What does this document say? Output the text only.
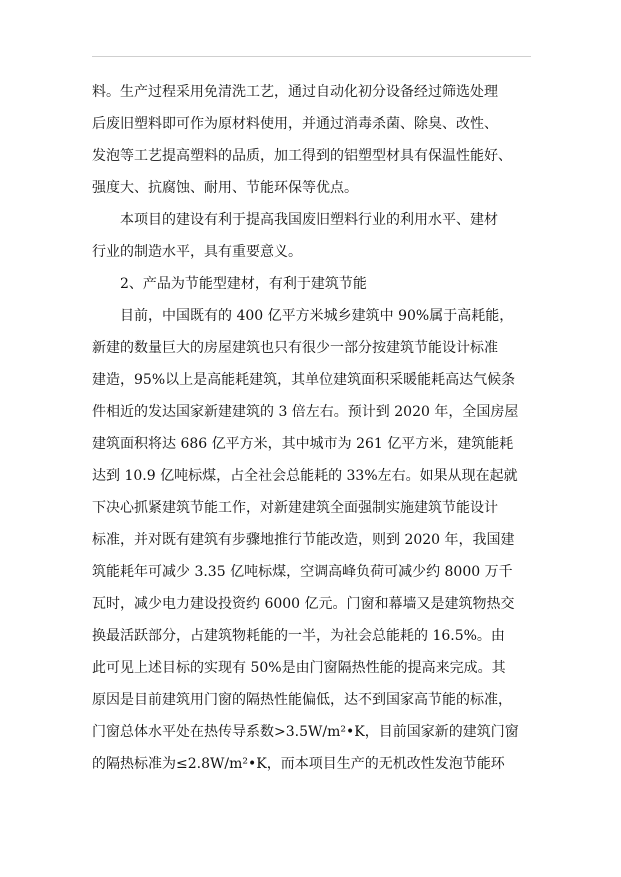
料。生产过程采用免清洗工艺，通过自动化初分设备经过筛选处理
后废旧塑料即可作为原材料使用，并通过消毒杀菌、除臭、改性、
发泡等工艺提高塑料的品质，加工得到的铝塑型材具有保温性能好、
强度大、抗腐蚀、耐用、节能环保等优点。
本项目的建设有利于提高我国废旧塑料行业的利用水平、建材
行业的制造水平，具有重要意义。
2、产品为节能型建材，有利于建筑节能
目前，中国既有的 400 亿平方米城乡建筑中 90%属于高耗能，
新建的数量巨大的房屋建筑也只有很少一部分按建筑节能设计标准
建造，95%以上是高能耗建筑，其单位建筑面积采暖能耗高达气候条
件相近的发达国家新建建筑的 3 倍左右。预计到 2020 年，全国房屋
建筑面积将达 686 亿平方米，其中城市为 261 亿平方米，建筑能耗
达到 10.9 亿吨标煤，占全社会总能耗的 33%左右。如果从现在起就
下决心抓紧建筑节能工作，对新建建筑全面强制实施建筑节能设计
标准，并对既有建筑有步骤地推行节能改造，则到 2020 年，我国建
筑能耗年可减少 3.35 亿吨标煤，空调高峰负荷可减少约 8000 万千
瓦时，减少电力建设投资约 6000 亿元。门窗和幕墙又是建筑物热交
换最活跃部分，占建筑物耗能的一半，为社会总能耗的 16.5%。由
此可见上述目标的实现有 50%是由门窗隔热性能的提高来完成。其
原因是目前建筑用门窗的隔热性能偏低，达不到国家高节能的标准，
门窗总体水平处在热传导系数>3.5W/m²•K，目前国家新的建筑门窗
的隔热标准为≤2.8W/m²•K，而本项目生产的无机改性发泡节能环
